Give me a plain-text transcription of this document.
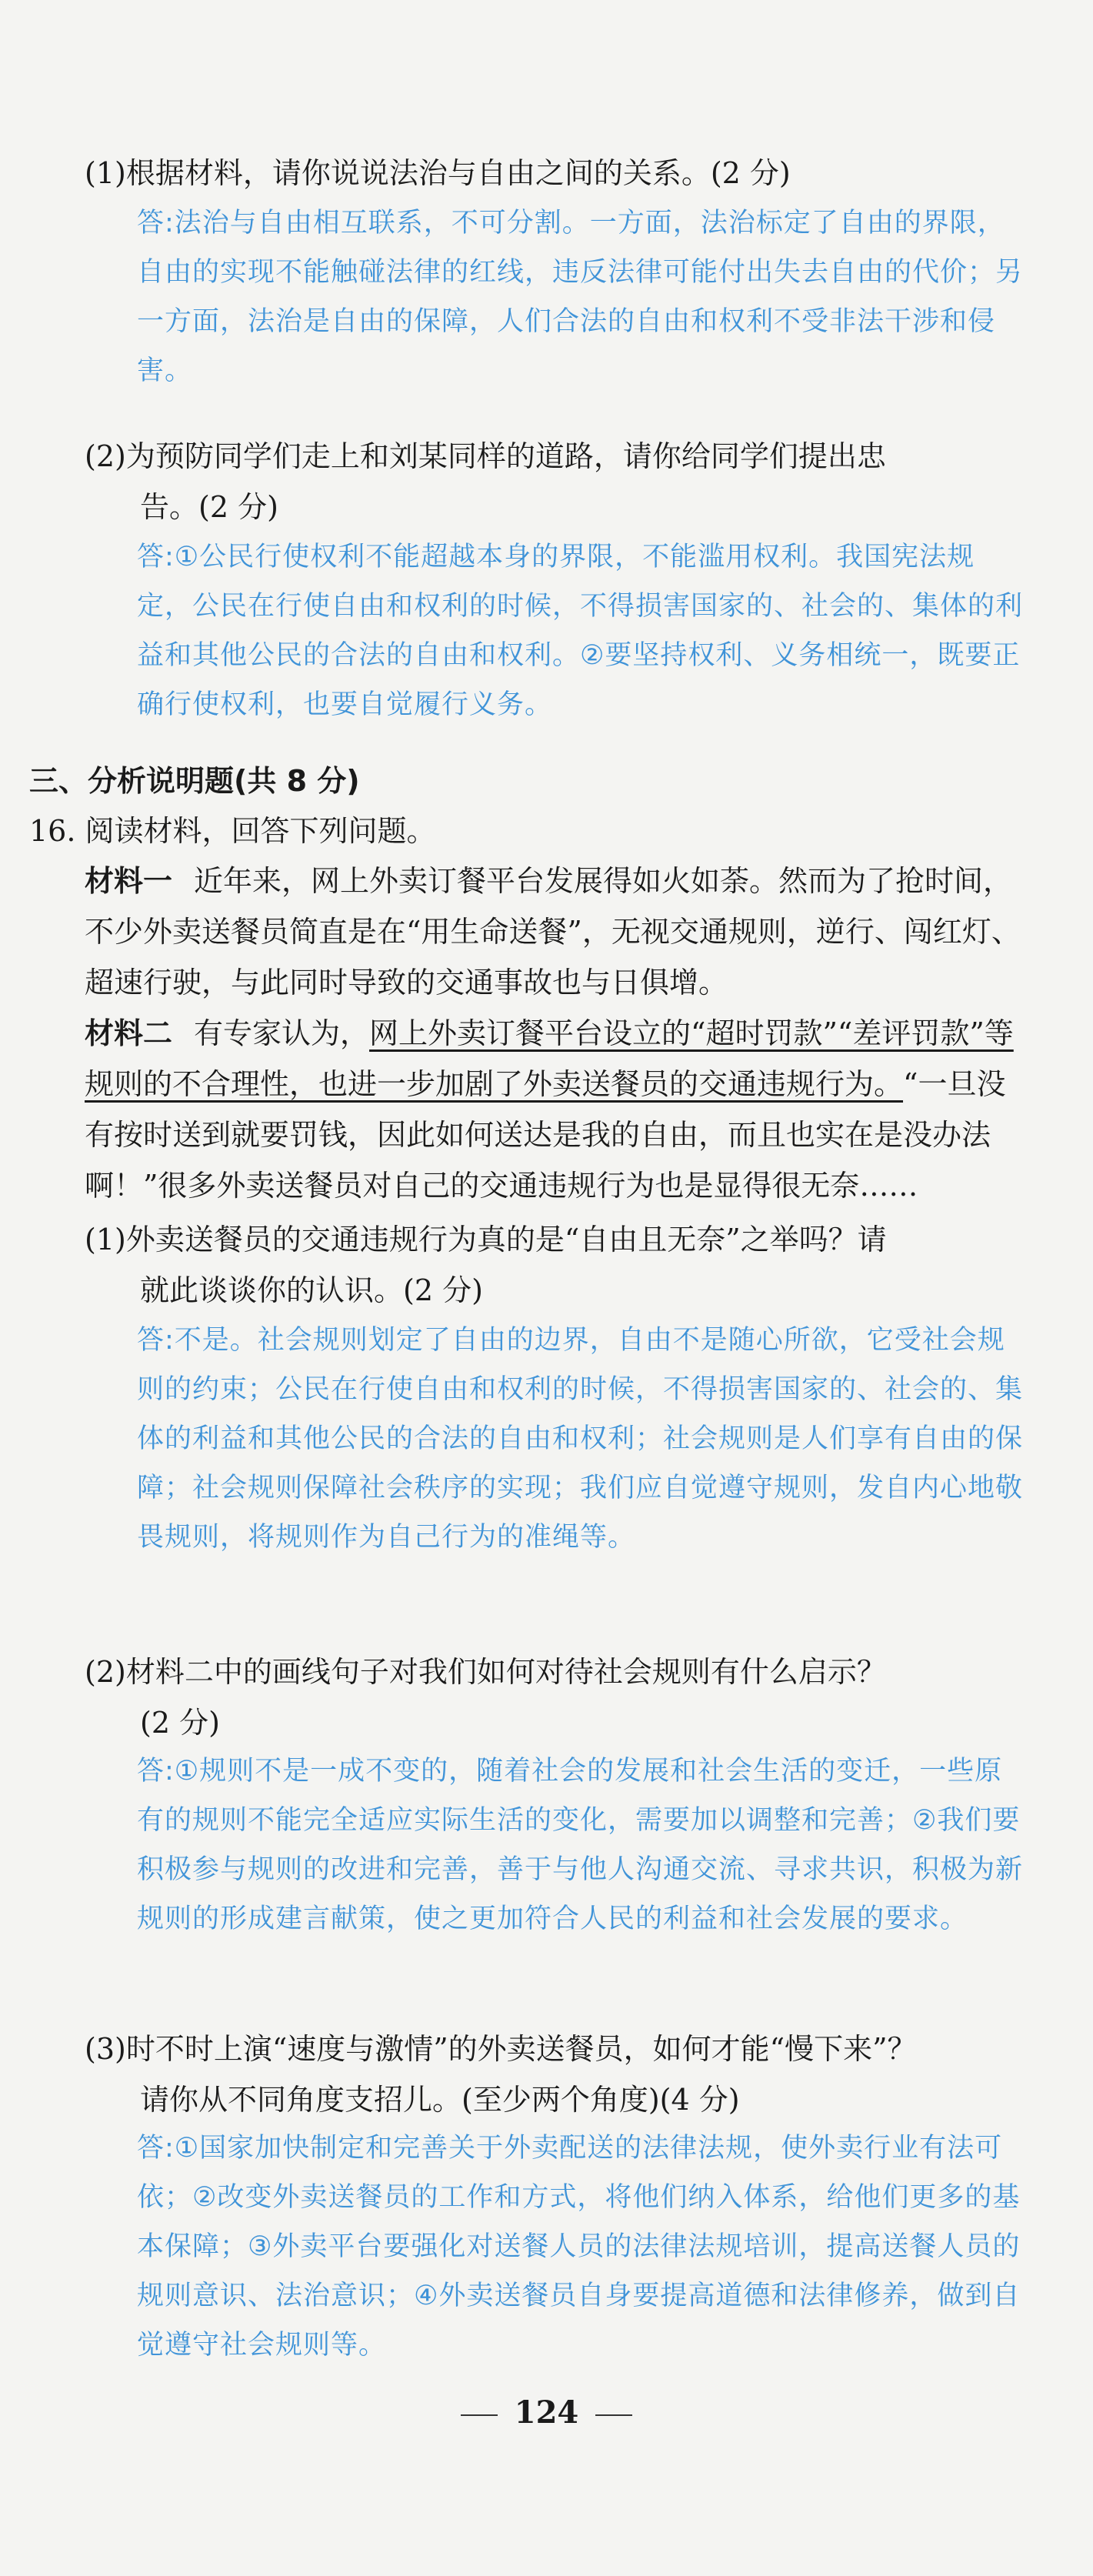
(1)根据材料，请你说说法治与自由之间的关系。(2 分)
答:法治与自由相互联系，不可分割。一方面，法治标定了自由的界限，自由的实现不能触碰法律的红线，违反法律可能付出失去自由的代价；另一方面，法治是自由的保障，人们合法的自由和权利不受非法干涉和侵害。
(2)为预防同学们走上和刘某同样的道路，请你给同学们提出忠
告。(2 分)
答:①公民行使权利不能超越本身的界限，不能滥用权利。我国宪法规定，公民在行使自由和权利的时候，不得损害国家的、社会的、集体的利益和其他公民的合法的自由和权利。②要坚持权利、义务相统一，既要正确行使权利，也要自觉履行义务。
三、分析说明题(共 8 分)
16. 阅读材料，回答下列问题。
材料一 近年来，网上外卖订餐平台发展得如火如荼。然而为了抢时间，不少外卖送餐员简直是在“用生命送餐”，无视交通规则，逆行、闯红灯、超速行驶，与此同时导致的交通事故也与日俱增。
材料二 有专家认为，网上外卖订餐平台设立的“超时罚款”“差评罚款”等规则的不合理性，也进一步加剧了外卖送餐员的交通违规行为。“一旦没有按时送到就要罚钱，因此如何送达是我的自由，而且也实在是没办法啊！”很多外卖送餐员对自己的交通违规行为也是显得很无奈……
(1)外卖送餐员的交通违规行为真的是“自由且无奈”之举吗？请
就此谈谈你的认识。(2 分)
答:不是。社会规则划定了自由的边界，自由不是随心所欲，它受社会规则的约束；公民在行使自由和权利的时候，不得损害国家的、社会的、集体的利益和其他公民的合法的自由和权利；社会规则是人们享有自由的保障；社会规则保障社会秩序的实现；我们应自觉遵守规则，发自内心地敬畏规则，将规则作为自己行为的准绳等。
(2)材料二中的画线句子对我们如何对待社会规则有什么启示？
(2 分)
答:①规则不是一成不变的，随着社会的发展和社会生活的变迁，一些原有的规则不能完全适应实际生活的变化，需要加以调整和完善；②我们要积极参与规则的改进和完善，善于与他人沟通交流、寻求共识，积极为新规则的形成建言献策，使之更加符合人民的利益和社会发展的要求。
(3)时不时上演“速度与激情”的外卖送餐员，如何才能“慢下来”？
请你从不同角度支招儿。(至少两个角度)(4 分)
答:①国家加快制定和完善关于外卖配送的法律法规，使外卖行业有法可依；②改变外卖送餐员的工作和方式，将他们纳入体系，给他们更多的基本保障；③外卖平台要强化对送餐人员的法律法规培训，提高送餐人员的规则意识、法治意识；④外卖送餐员自身要提高道德和法律修养，做到自觉遵守社会规则等。
124
